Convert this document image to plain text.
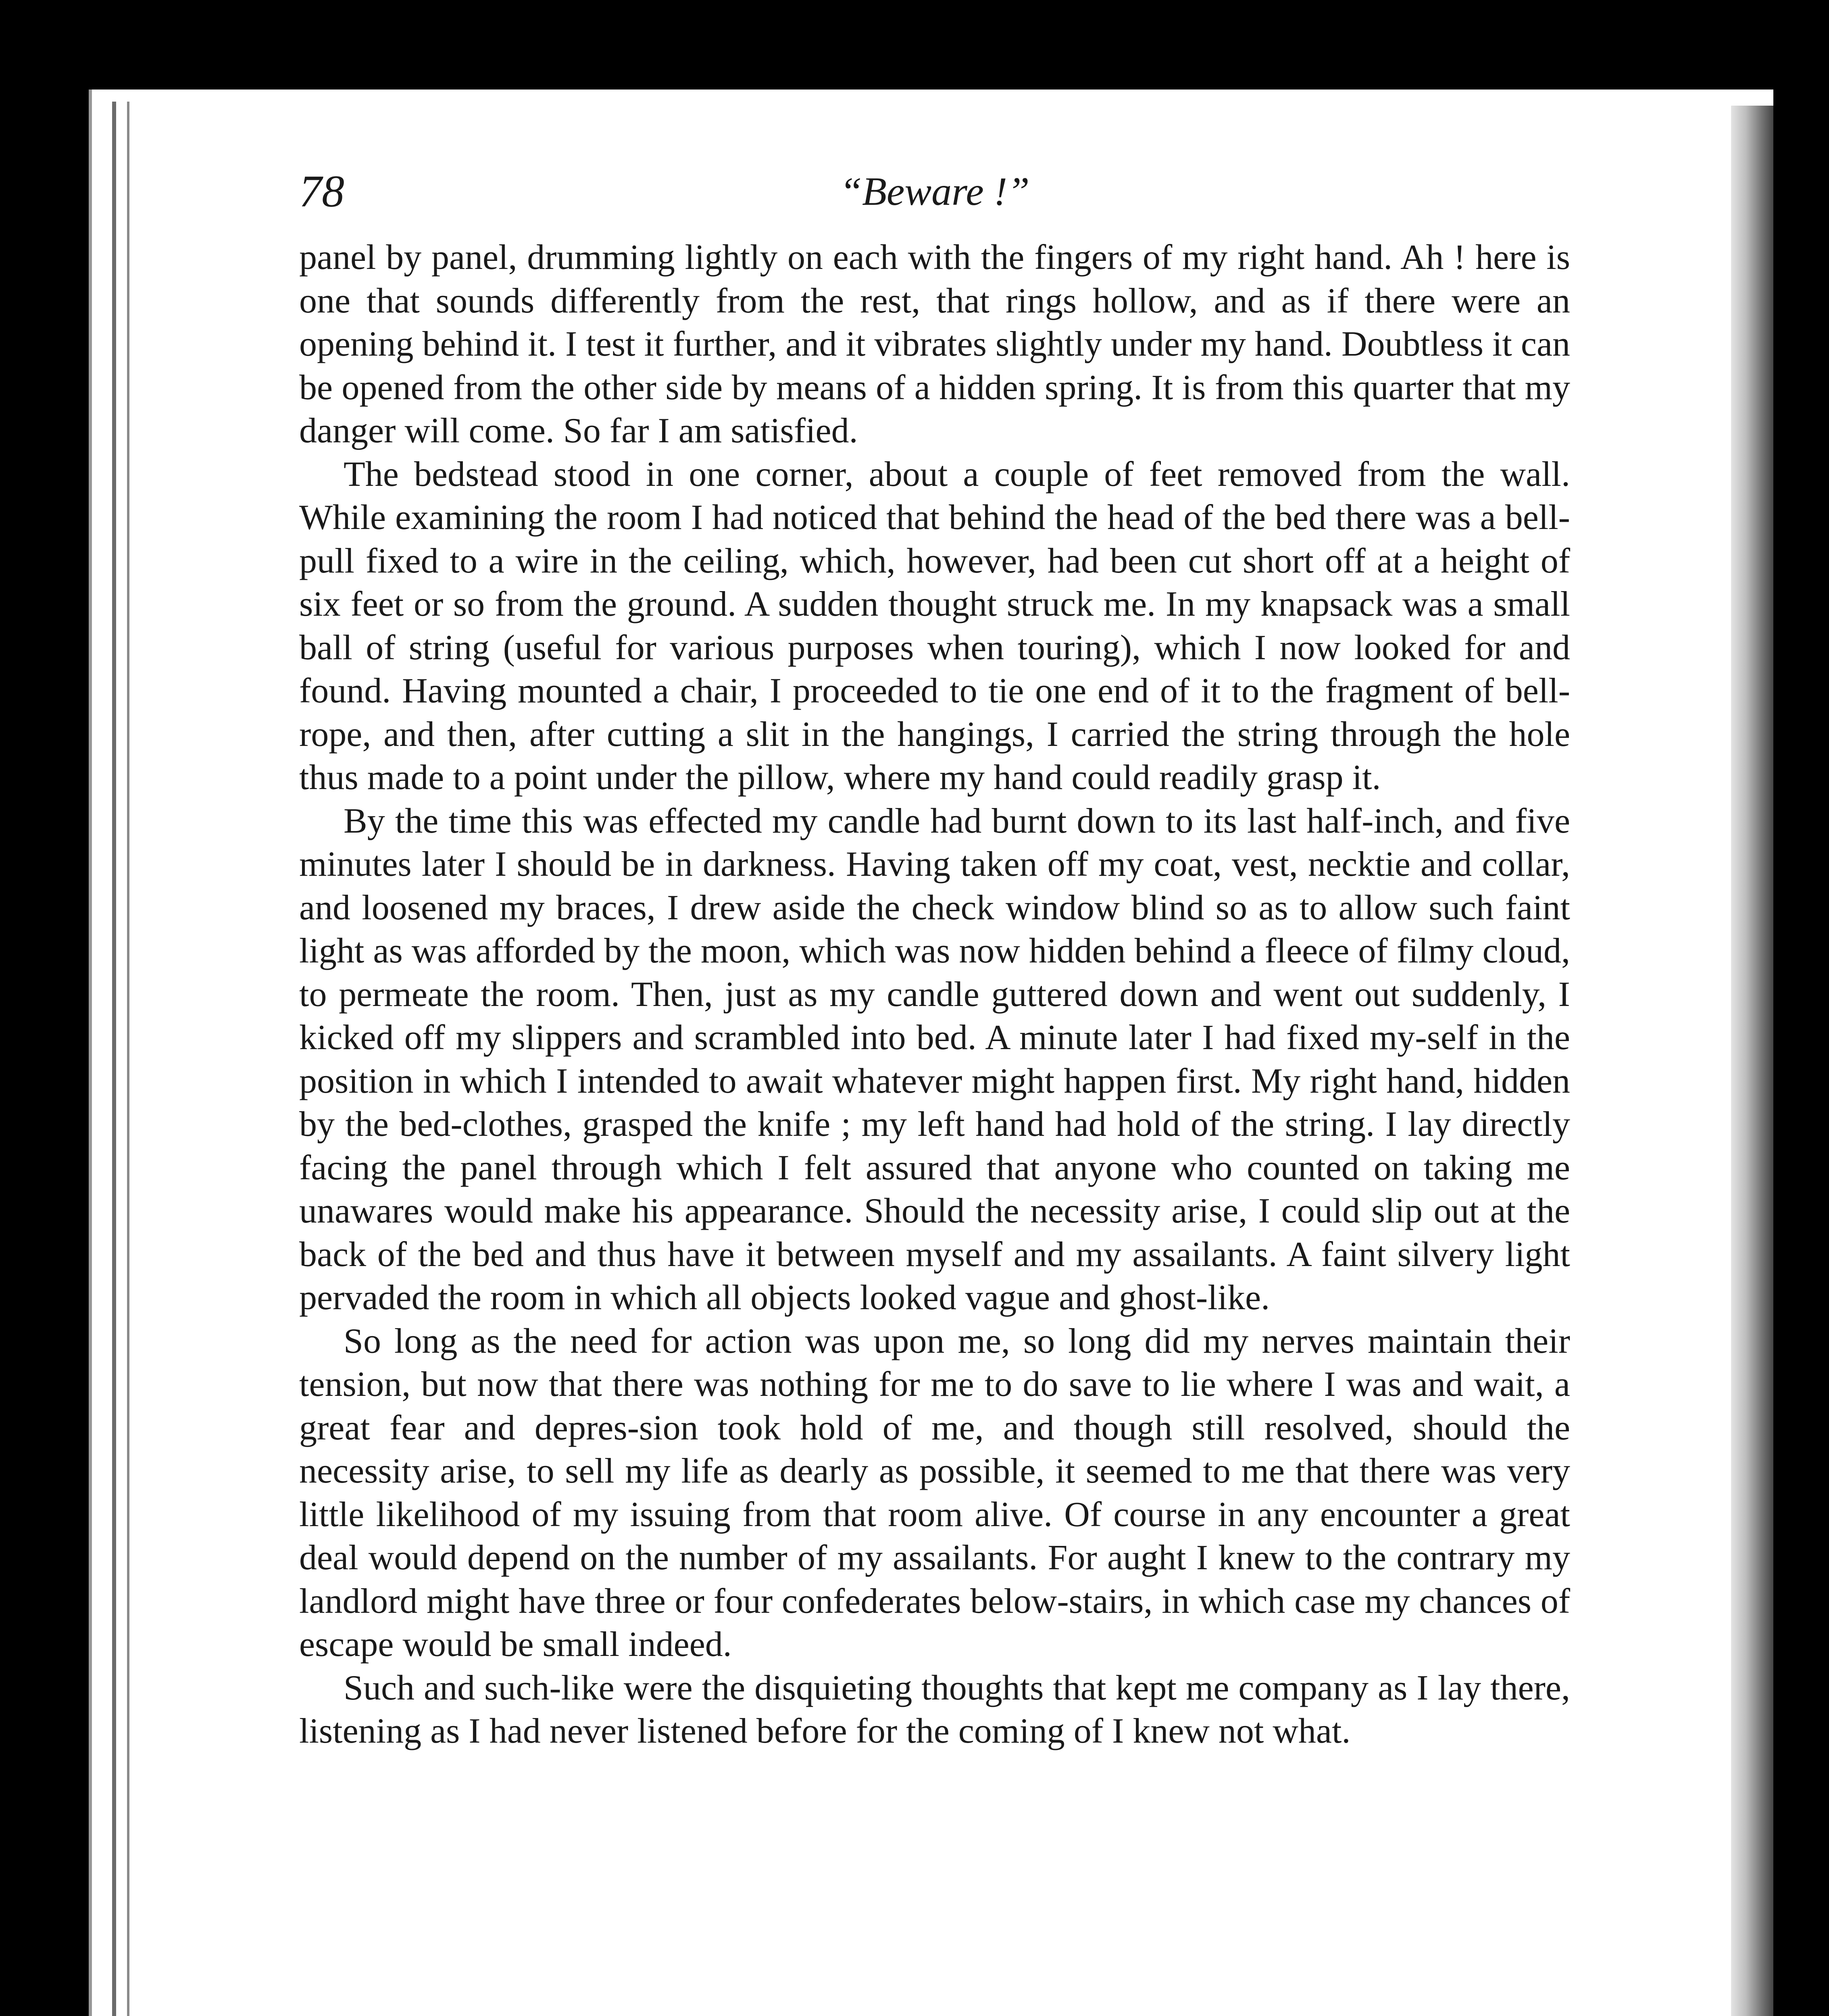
78	“Beware !”

panel by panel, drumming lightly on each with the fingers of my right hand. Ah ! here is one that sounds differently from the rest, that rings hollow, and as if there were an opening behind it. I test it further, and it vibrates slightly under my hand. Doubtless it can be opened from the other side by means of a hidden spring. It is from this quarter that my danger will come. So far I am satisfied.

The bedstead stood in one corner, about a couple of feet removed from the wall. While examining the room I had noticed that behind the head of the bed there was a bell-pull fixed to a wire in the ceiling, which, however, had been cut short off at a height of six feet or so from the ground. A sudden thought struck me. In my knapsack was a small ball of string (useful for various purposes when touring), which I now looked for and found. Having mounted a chair, I proceeded to tie one end of it to the fragment of bell-rope, and then, after cutting a slit in the hangings, I carried the string through the hole thus made to a point under the pillow, where my hand could readily grasp it.

By the time this was effected my candle had burnt down to its last half-inch, and five minutes later I should be in darkness. Having taken off my coat, vest, necktie and collar, and loosened my braces, I drew aside the check window blind so as to allow such faint light as was afforded by the moon, which was now hidden behind a fleece of filmy cloud, to permeate the room. Then, just as my candle guttered down and went out suddenly, I kicked off my slippers and scrambled into bed. A minute later I had fixed my-self in the position in which I intended to await whatever might happen first. My right hand, hidden by the bed-clothes, grasped the knife ; my left hand had hold of the string. I lay directly facing the panel through which I felt assured that anyone who counted on taking me unawares would make his appearance. Should the necessity arise, I could slip out at the back of the bed and thus have it between myself and my assailants. A faint silvery light pervaded the room in which all objects looked vague and ghost-like.

So long as the need for action was upon me, so long did my nerves maintain their tension, but now that there was nothing for me to do save to lie where I was and wait, a great fear and depres-sion took hold of me, and though still resolved, should the necessity arise, to sell my life as dearly as possible, it seemed to me that there was very little likelihood of my issuing from that room alive. Of course in any encounter a great deal would depend on the number of my assailants. For aught I knew to the contrary my landlord might have three or four confederates below-stairs, in which case my chances of escape would be small indeed.

Such and such-like were the disquieting thoughts that kept me company as I lay there, listening as I had never listened before for the coming of I knew not what.
